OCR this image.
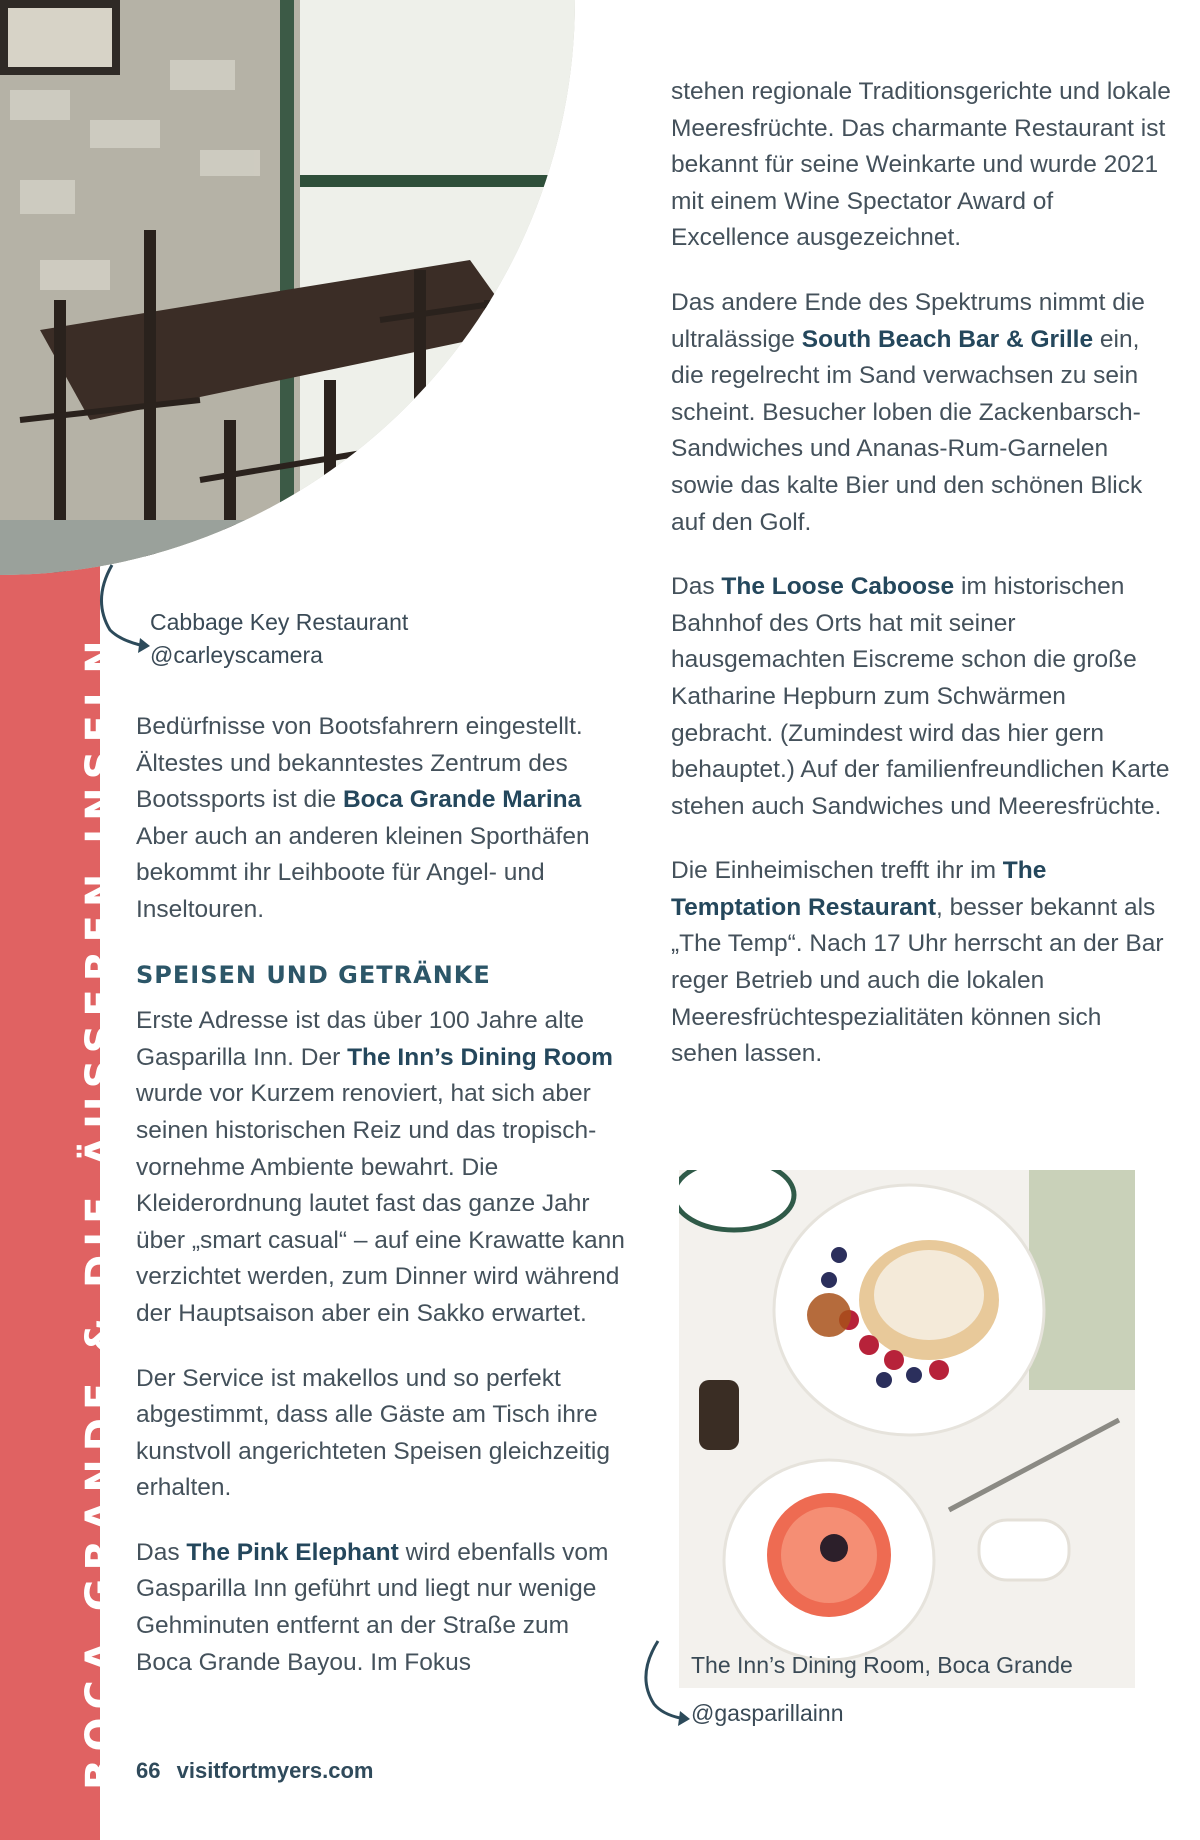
BOCA GRANDE & DIE ÄUSSEREN INSELN
Cabbage Key Restaurant
@carleyscamera

Bedürfnisse von Bootsfahrern eingestellt. Ältestes und bekanntestes Zentrum des Bootssports ist die Boca Grande Marina Aber auch an anderen kleinen Sporthäfen bekommt ihr Leihboote für Angel- und Inseltouren.

SPEISEN UND GETRÄNKE

Erste Adresse ist das über 100 Jahre alte Gasparilla Inn. Der The Inn’s Dining Room wurde vor Kurzem renoviert, hat sich aber seinen historischen Reiz und das tropisch-vornehme Ambiente bewahrt. Die Kleiderordnung lautet fast das ganze Jahr über „smart casual“ – auf eine Krawatte kann verzichtet werden, zum Dinner wird während der Hauptsaison aber ein Sakko erwartet.

Der Service ist makellos und so perfekt abgestimmt, dass alle Gäste am Tisch ihre kunstvoll angerichteten Speisen gleichzeitig erhalten.

Das The Pink Elephant wird ebenfalls vom Gasparilla Inn geführt und liegt nur wenige Gehminuten entfernt an der Straße zum Boca Grande Bayou. Im Fokus

stehen regionale Traditionsgerichte und lokale Meeresfrüchte. Das charmante Restaurant ist bekannt für seine Weinkarte und wurde 2021 mit einem Wine Spectator Award of Excellence ausgezeichnet.

Das andere Ende des Spektrums nimmt die ultralässige South Beach Bar & Grille ein, die regelrecht im Sand verwachsen zu sein scheint. Besucher loben die Zackenbarsch-Sandwiches und Ananas-Rum-Garnelen sowie das kalte Bier und den schönen Blick auf den Golf.

Das The Loose Caboose im historischen Bahnhof des Orts hat mit seiner hausgemachten Eiscreme schon die große Katharine Hepburn zum Schwärmen gebracht. (Zumindest wird das hier gern behauptet.) Auf der familienfreundlichen Karte stehen auch Sandwiches und Meeresfrüchte.

Die Einheimischen trefft ihr im The Temptation Restaurant, besser bekannt als „The Temp“. Nach 17 Uhr herrscht an der Bar reger Betrieb und auch die lokalen Meeresfrüchtespezialitäten können sich sehen lassen.

The Inn’s Dining Room, Boca Grande
@gasparillainn
66 visitfortmyers.com
